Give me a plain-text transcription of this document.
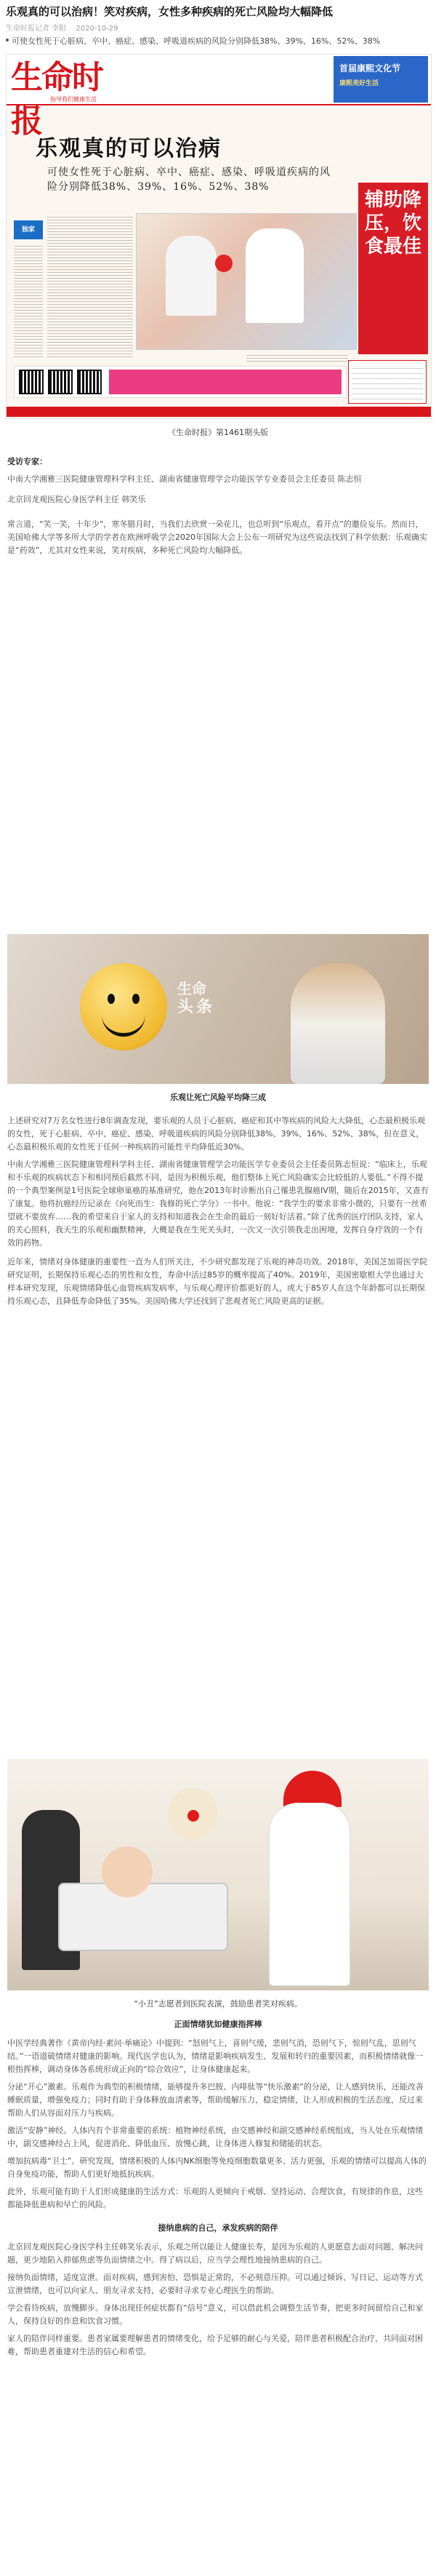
乐观真的可以治病！笑对疾病，女性多种疾病的死亡风险均大幅降低
生命时报记者 李阳 2020-10-29
可使女性死于心脏病、卒中、癌症、感染、呼吸道疾病的风险分别降低38%、39%、16%、52%、38%
生命时报
指导我们健康生活
首届康熙文化节
康熙美好生活
乐观真的可以治病
可使女性死于心脏病、卒中、癌症、感染、呼吸道疾病的风险分别降低38%、39%、16%、52%、38%
辅助降压，饮食最佳
独家
《生命时报》第1461期头版

受访专家：

中南大学湘雅三医院健康管理科学科主任、湖南省健康管理学会功能医学专业委员会主任委员 陈志恒

北京回龙观医院心身医学科主任 韩笑乐

常言道，“笑一笑，十年少”，寒冬腊月时，当我们去欣赏一朵花儿，也总听到“乐观点，看开点”的邀俭妄乐。然而日，美国哈佛大学等多所大学的学者在欧洲呼吸学会2020年国际大会上公布一项研究为这些说法找到了科学依据：乐观确实是“药效”，尤其对女性来说，笑对疾病，多种死亡风险均大幅降低。

生命
头条
乐观让死亡风险平均降三成

上述研究对7万名女性进行8年调查发现，要乐观的人员于心脏病、癌症和其中等疾病的风险大大降低，心态最积极乐观的女性，死于心脏病、卒中、癌症、感染、呼吸道疾病的风险分别降低38%、39%、16%、52%、38%，但在意义，心态最积极乐观的女性死于任何一种疾病的可能性平均降低近30%。

中南大学湘雅三医院健康管理科学科主任、湖南省健康管理学会功能医学专业委员会主任委员陈志恒说：“临床上，乐观和不乐观的疾病状态下和相同预后截然不同，是因为积极乐观，他们整体上死亡风险确实会比较低的人要低。”不得不提的一个典型案例是1号医院全球卵巢癌的基准研究，他在2013年时诊断出自己罹患乳腺癌IV期，随后在2015年，又查有了康复。他将抗癌经历记录在《向死而生：我修的死亡学分》一书中。他说：“我学生的要求非常小微的，只要有一丝希望就不要放弃……我的希望来自于家人的支持和知道我会在生命的最后一刻好好活着。”除了优秀的医疗团队支持，家人的关心照料，我天生的乐观和幽默精神，大概是我在生死关头时，一次又一次引领我走出困境，发挥自身疗效的一个有效的药物。

近年来，情绪对身体健康的重要性一直为人们所关注，不少研究都发现了乐观的神奇功效。2018年，美国芝加哥医学院研究证明，长期保持乐观心态的男性和女性，寿命中活过85岁的概率提高了40%。2019年，美国密歇根大学也通过大样本研究发现，乐观情绪降低心血管疾病发病率，与乐观心理评价都更好的人，或大于85岁人在这个年龄都可以长期保持乐观心态，且降低寿命降低了35%。美国哈佛大学还找到了悲观者死亡风险更高的证据。

“小丑”志愿者到医院表演，鼓励患者笑对疾病。
正面情绪犹如健康指挥棒

中医学经典著作《黄帝内经·素问·举痛论》中提到：“怒则气上，喜则气缓，悲则气消，恐则气下，惊则气乱，思则气结。”一语道破情绪对健康的影响。现代医学也认为，情绪是影响疾病发生、发展和转归的重要因素，而积极情绪就像一根指挥棒，调动身体各系统形成正向的“综合效应”，让身体健康起来。

分泌“开心”激素。乐观作为典型的积极情绪，能够提升多巴胺、内啡肽等“快乐激素”的分泌，让人感到快乐，还能改善睡眠质量，增强免疫力；同时有助于身体释放血清素等，帮助缓解压力，稳定情绪，让人形成积极的生活态度，反过来帮助人们从容面对压力与疾病。

激活“安静”神经。人体内有个非常重要的系统：植物神经系统，由交感神经和副交感神经系统组成，当人处在乐观情绪中，副交感神经占上风，促进消化、降低血压、放慢心跳，让身体进入修复和储能的状态。

增加抗病毒“卫士”。研究发现，情绪积极的人体内NK细胞等免疫细胞数量更多、活力更强，乐观的情绪可以提高人体的自身免疫功能，帮助人们更好地抵抗疾病。

此外，乐观可能有助于人们形成健康的生活方式：乐观的人更倾向于戒烟、坚持运动、合理饮食，有规律的作息，这些都能降低患病和早亡的风险。

接纳患病的自己，承发疾病的陪伴

北京回龙观医院心身医学科主任韩笑乐表示，乐观之所以能让人健康长寿，是因为乐观的人更愿意去面对问题、解决问题，更少地陷入抑郁焦虑等负面情绪之中。得了病以后，应当学会理性地接纳患病的自己。

接纳负面情绪，适度宣泄。面对疾病，感到害怕、恐惧是正常的，不必刻意压抑。可以通过倾诉、写日记、运动等方式宣泄情绪，也可以向家人、朋友寻求支持，必要时寻求专业心理医生的帮助。

学会看待疾病，放慢脚步。身体出现任何症状都有“信号”意义，可以借此机会调整生活节奏，把更多时间留给自己和家人，保持良好的作息和饮食习惯。

家人的陪伴同样重要。患者家属要理解患者的情绪变化，给予足够的耐心与关爱，陪伴患者积极配合治疗，共同面对困难，帮助患者重建对生活的信心和希望。
